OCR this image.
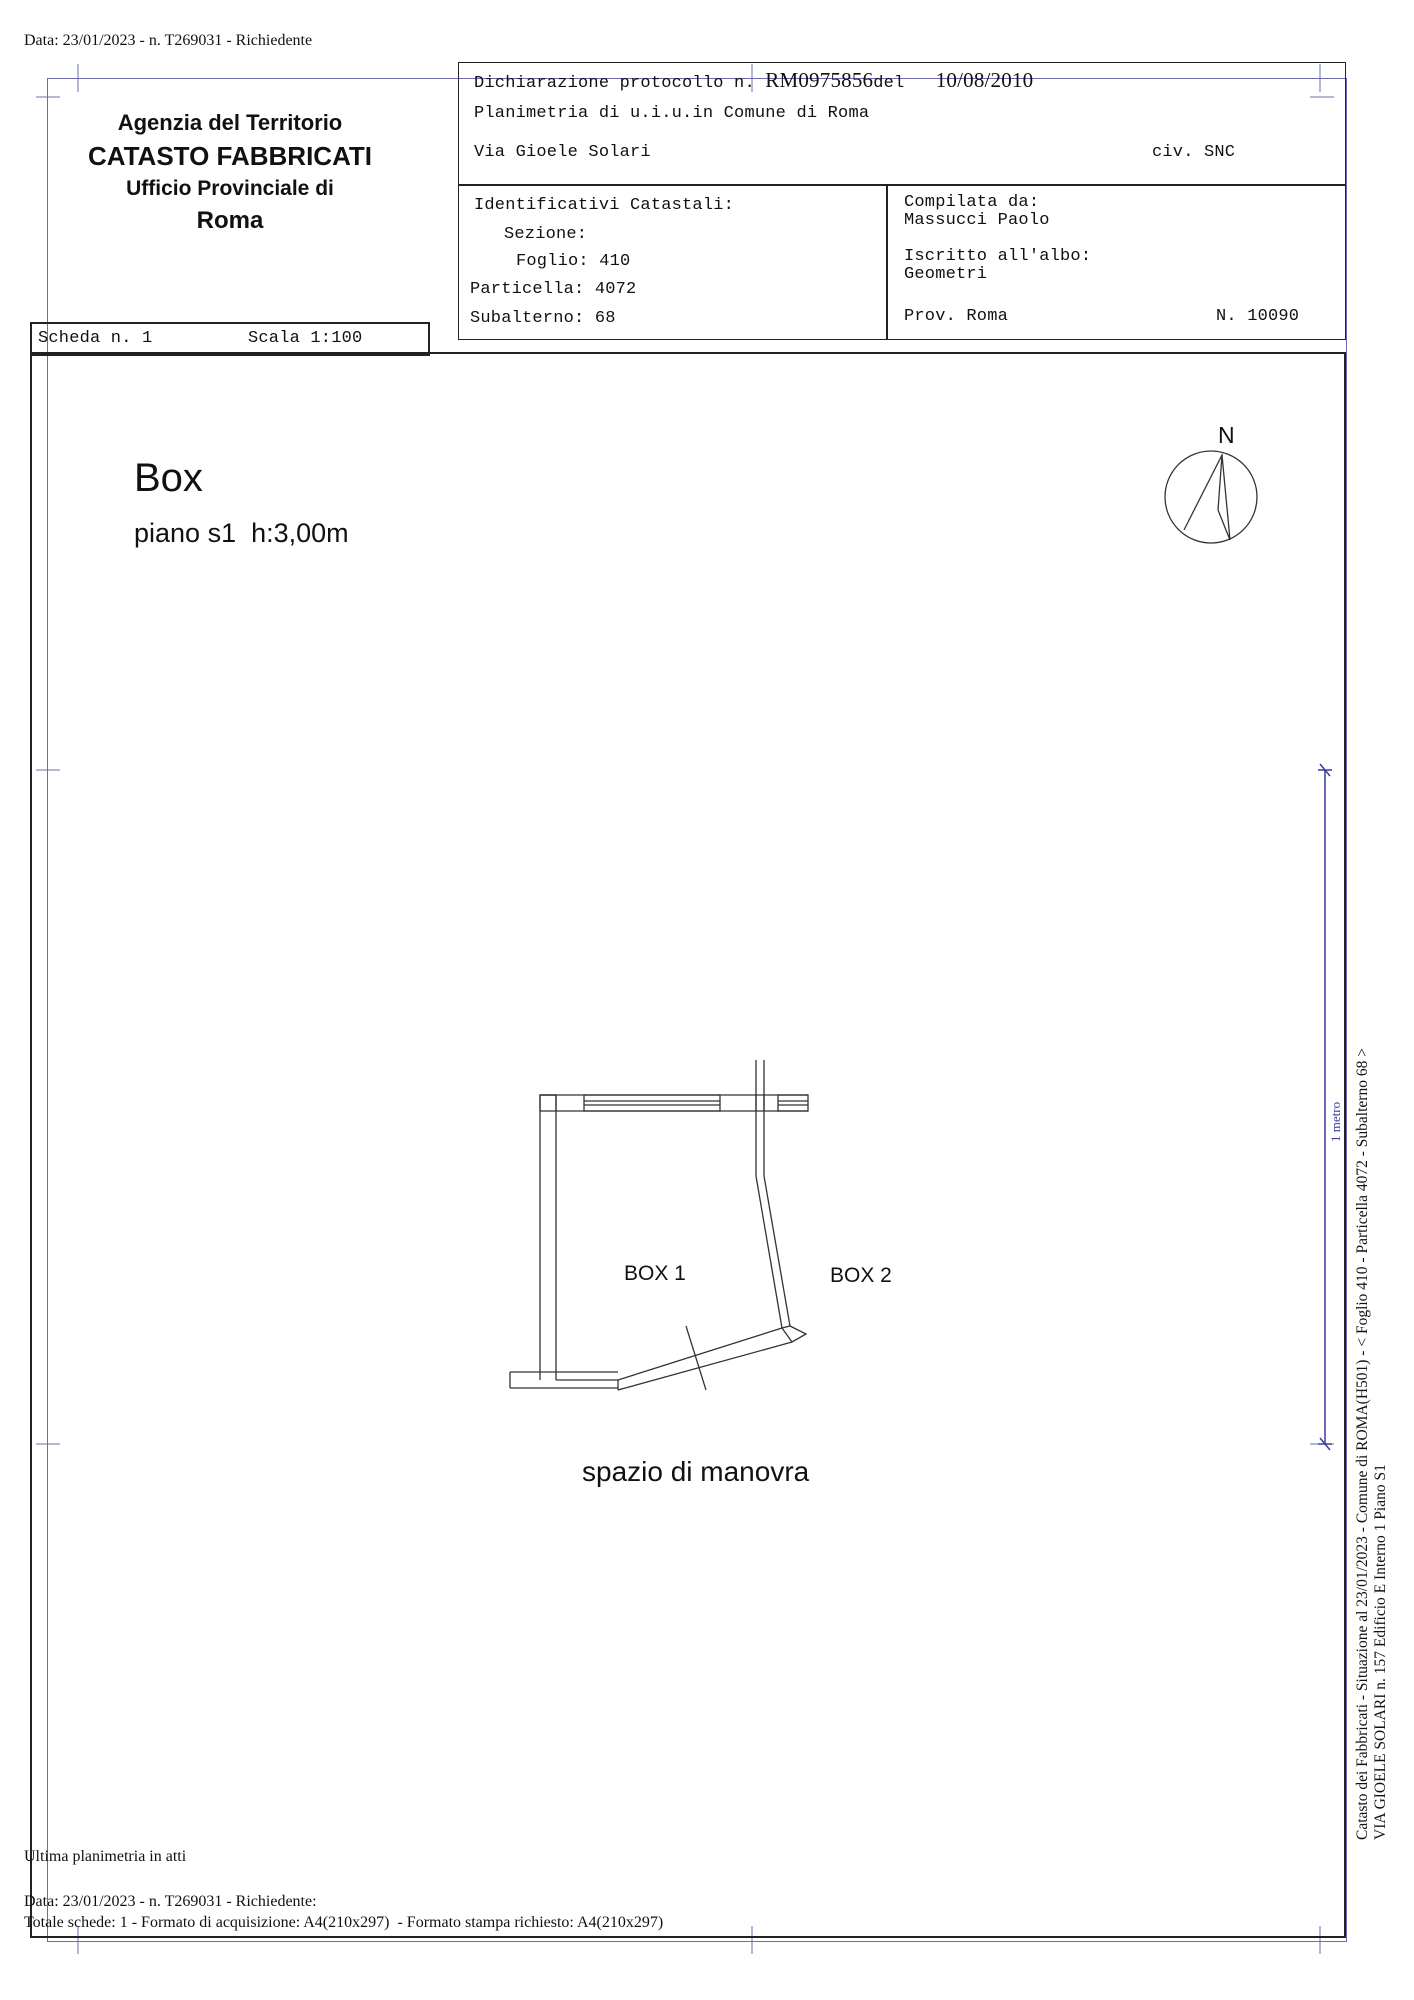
Data: 23/01/2023 - n. T269031 - Richiedente
Agenzia del Territorio
CATASTO FABBRICATI
Ufficio Provinciale di
Roma
Dichiarazione protocollo n. RM0975856del 10/08/2010
Planimetria di u.i.u.in Comune di Roma
Via Gioele Solari	civ. SNC
Identificativi Catastali:
Sezione:
Foglio: 410
Particella: 4072
Subalterno: 68
Compilata da:
Massucci Paolo
Iscritto all'albo:
Geometri
Prov. Roma	N. 10090
Scheda n. 1	Scala 1:100
Box
piano s1  h:3,00m
N
BOX 1	BOX 2
spazio di manovra
1 metro Catasto dei Fabbricati - Situazione al 23/01/2023 - Comune di ROMA(H501) - < Foglio 410 - Particella 4072 - Subalterno 68 > VIA GIOELE SOLARI n. 157 Edificio E Interno 1 Piano S1
Ultima planimetria in atti
Data: 23/01/2023 - n. T269031 - Richiedente:
Totale schede: 1 - Formato di acquisizione: A4(210x297)  - Formato stampa richiesto: A4(210x297)
